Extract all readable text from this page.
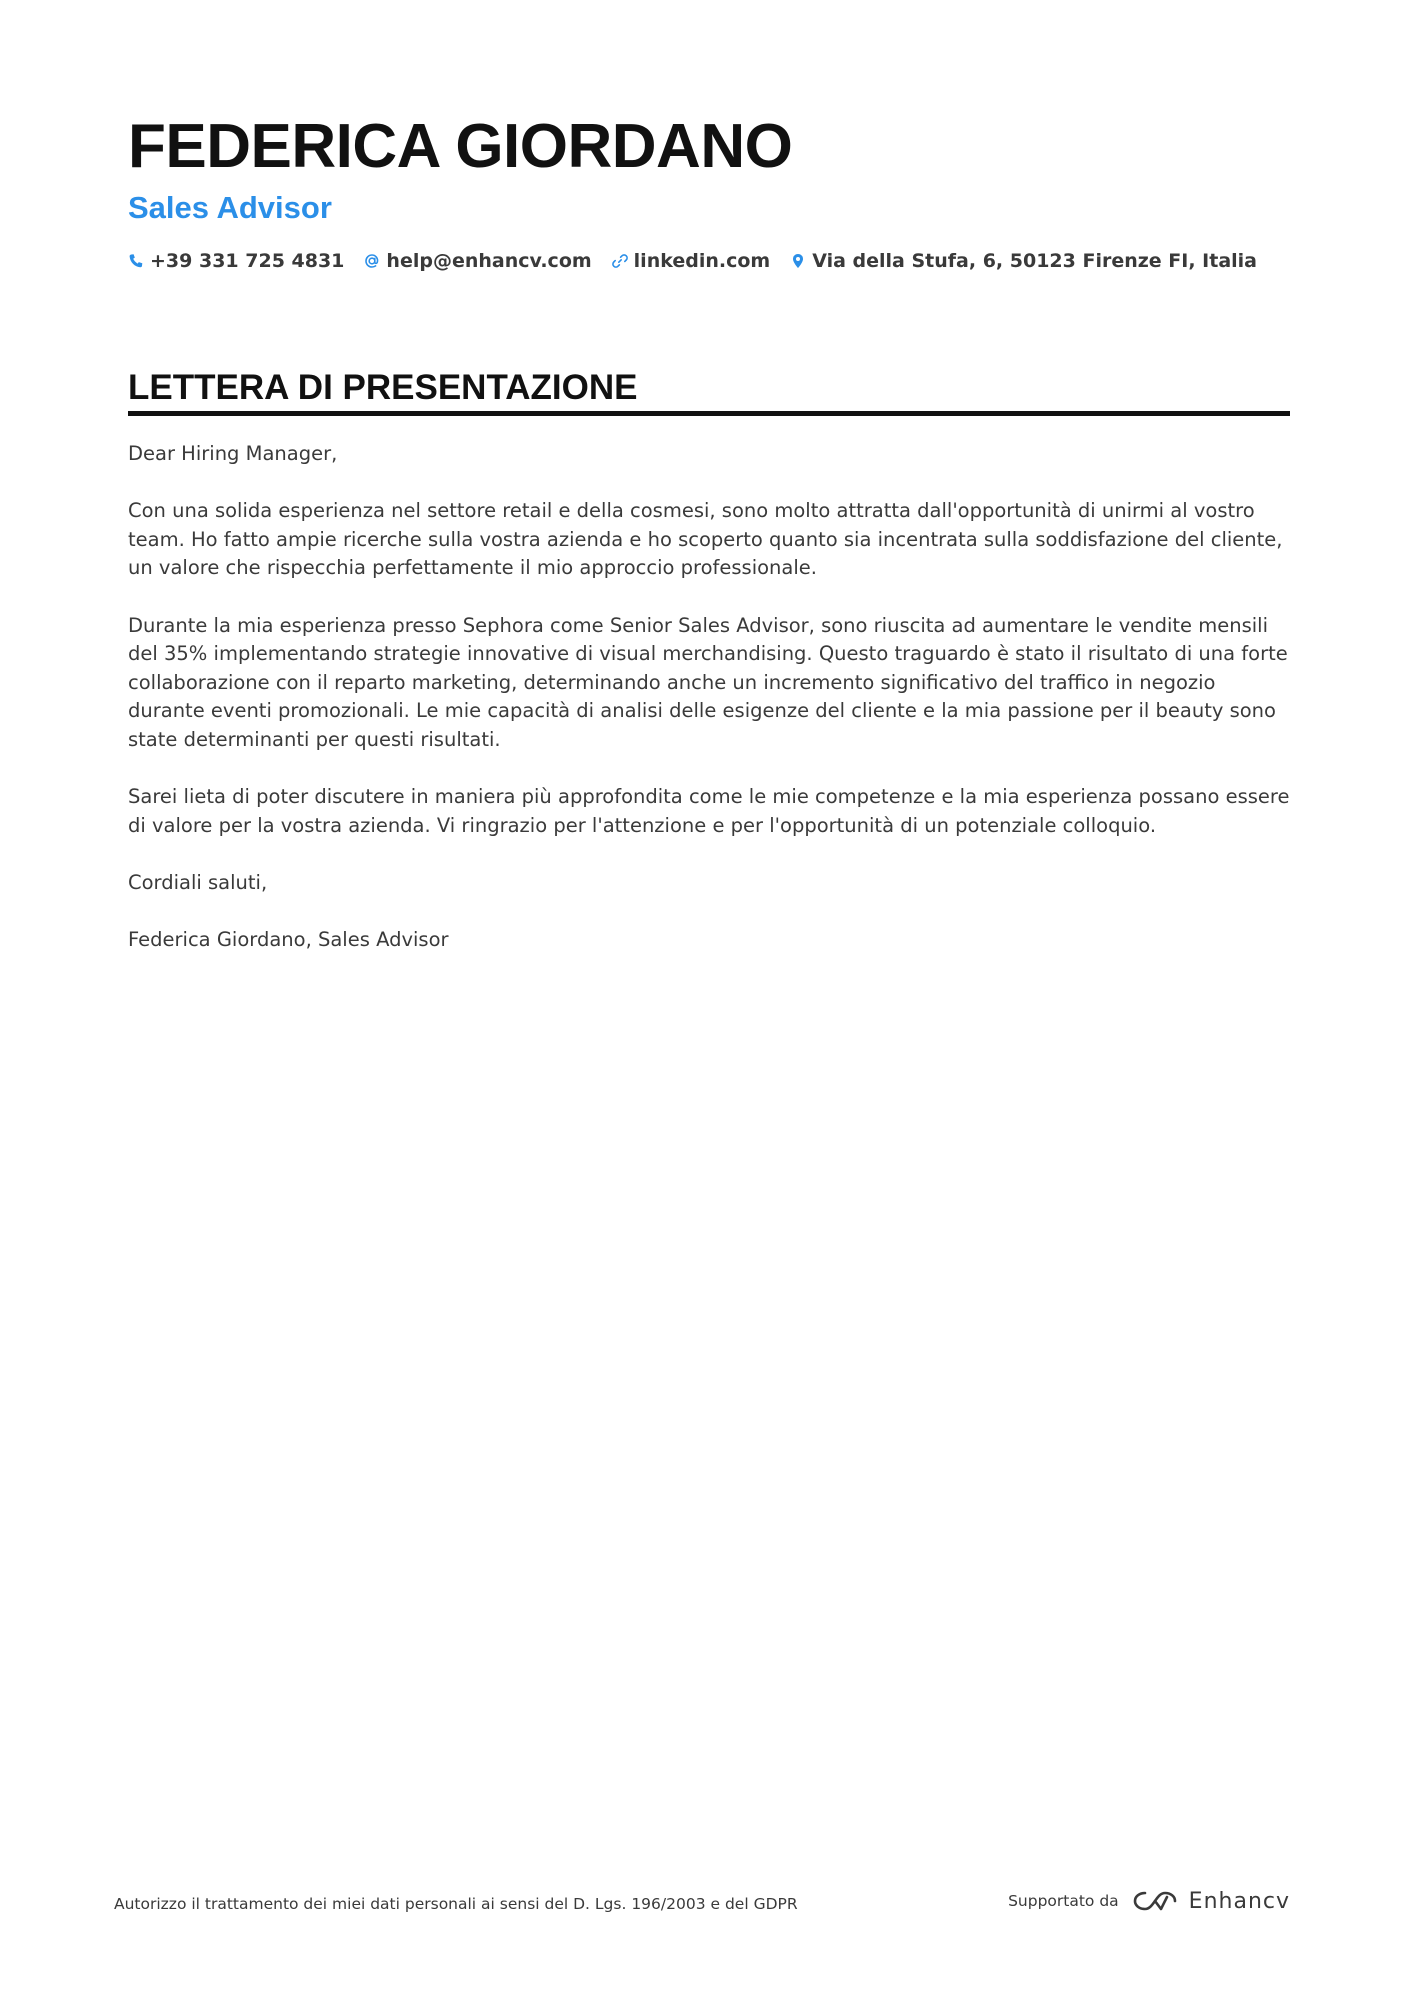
FEDERICA GIORDANO
Sales Advisor
+39 331 725 4831 help@enhancv.com linkedin.com Via della Stufa, 6, 50123 Firenze FI, Italia
LETTERA DI PRESENTAZIONE

Dear Hiring Manager,

Con una solida esperienza nel settore retail e della cosmesi, sono molto attratta dall'opportunità di unirmi al vostro team. Ho fatto ampie ricerche sulla vostra azienda e ho scoperto quanto sia incentrata sulla soddisfazione del cliente, un valore che rispecchia perfettamente il mio approccio professionale.

Durante la mia esperienza presso Sephora come Senior Sales Advisor, sono riuscita ad aumentare le vendite mensili del 35% implementando strategie innovative di visual merchandising. Questo traguardo è stato il risultato di una forte collaborazione con il reparto marketing, determinando anche un incremento significativo del traffico in negozio durante eventi promozionali. Le mie capacità di analisi delle esigenze del cliente e la mia passione per il beauty sono state determinanti per questi risultati.

Sarei lieta di poter discutere in maniera più approfondita come le mie competenze e la mia esperienza possano essere di valore per la vostra azienda. Vi ringrazio per l'attenzione e per l'opportunità di un potenziale colloquio.

Cordiali saluti,

Federica Giordano, Sales Advisor

Autorizzo il trattamento dei miei dati personali ai sensi del D. Lgs. 196/2003 e del GDPR	Supportato da	Enhancv
